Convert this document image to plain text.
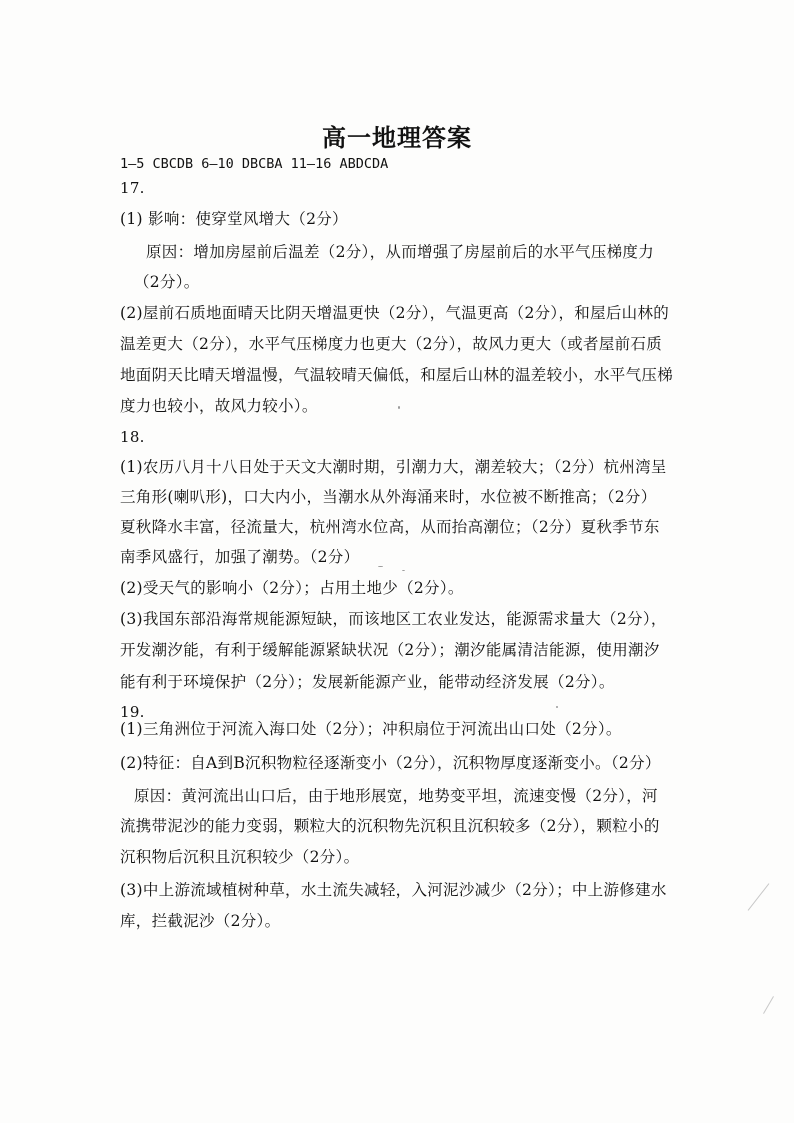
高一地理答案
1—5 CBCDB 6—10 DBCBA 11—16 ABDCDA
17.
(1) 影响：使穿堂风增大（2分）
原因：增加房屋前后温差（2分），从而增强了房屋前后的水平气压梯度力
（2分）。
(2)屋前石质地面晴天比阴天增温更快（2分），气温更高（2分），和屋后山林的
温差更大（2分），水平气压梯度力也更大（2分），故风力更大（或者屋前石质
地面阴天比晴天增温慢，气温较晴天偏低，和屋后山林的温差较小，水平气压梯
度力也较小，故风力较小）。
18.
(1)农历八月十八日处于天文大潮时期，引潮力大，潮差较大；（2分）杭州湾呈
三角形(喇叭形)，口大内小，当潮水从外海涌来时，水位被不断推高；（2分）
夏秋降水丰富，径流量大，杭州湾水位高，从而抬高潮位；（2分）夏秋季节东
南季风盛行，加强了潮势。（2分）
(2)受天气的影响小（2分）；占用土地少（2分）。
(3)我国东部沿海常规能源短缺，而该地区工农业发达，能源需求量大（2分），
开发潮汐能，有利于缓解能源紧缺状况（2分）；潮汐能属清洁能源，使用潮汐
能有利于环境保护（2分）；发展新能源产业，能带动经济发展（2分）。
19.
(1)三角洲位于河流入海口处（2分）；冲积扇位于河流出山口处（2分）。
(2)特征：自A到B沉积物粒径逐渐变小（2分），沉积物厚度逐渐变小。（2分）
原因：黄河流出山口后，由于地形展宽，地势变平坦，流速变慢（2分），河
流携带泥沙的能力变弱，颗粒大的沉积物先沉积且沉积较多（2分），颗粒小的
沉积物后沉积且沉积较少（2分）。
(3)中上游流域植树种草，水土流失减轻，入河泥沙减少（2分）；中上游修建水
库，拦截泥沙（2分）。
